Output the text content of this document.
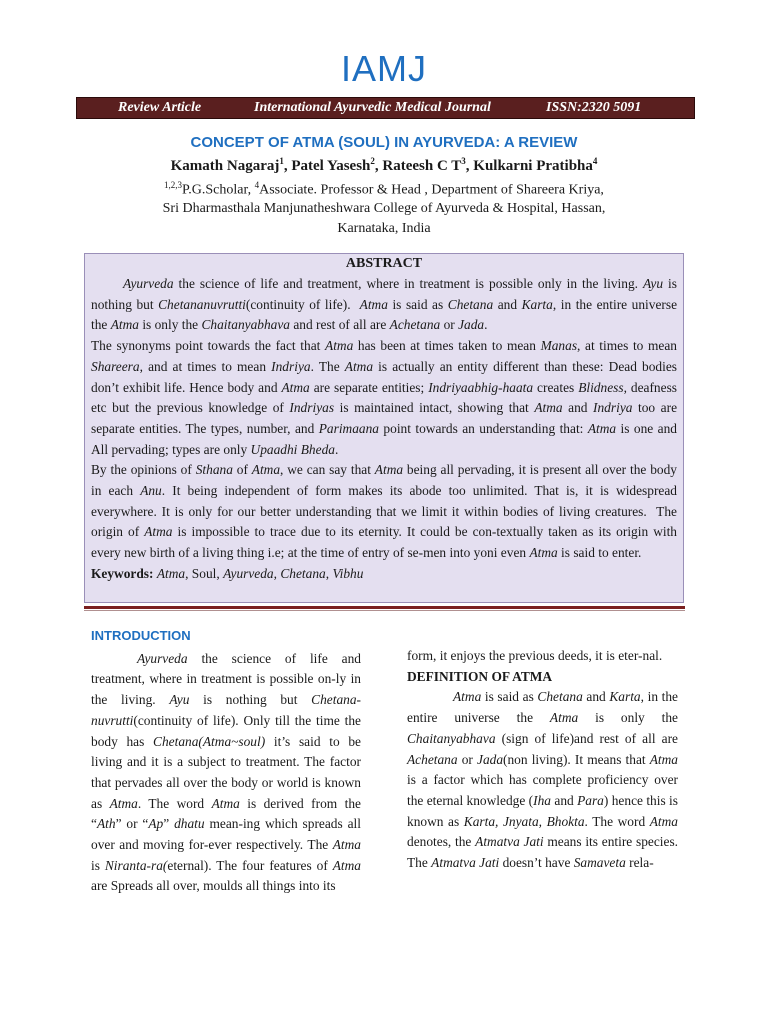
IAMJ
Review Article	International Ayurvedic Medical Journal	ISSN:2320 5091
CONCEPT OF ATMA (SOUL) IN AYURVEDA: A REVIEW
Kamath Nagaraj$^1$, Patel Yasesh$^2$, Rateesh C $T^3$, Kulkarni Pratibha$^4$
$^{1,2,3}$P.G.Scholar, $^4$Associate. Professor & Head , Department of Shareera Kriya,
Sri Dharmasthala Manjunatheshwara College of Ayurveda & Hospital, Hassan,
Karnataka, India
ABSTRACT

Ayurveda the science of life and treatment, where in treatment is possible only in the living. Ayu is nothing but Chetananuvrutti(continuity of life).  Atma is said as Chetana and Karta, in the entire universe the Atma is only the Chaitanyabhava and rest of all are Achetana or Jada.

The synonyms point towards the fact that Atma has been at times taken to mean Manas, at times to mean Shareera, and at times to mean Indriya. The Atma is actually an entity different than these: Dead bodies don’t exhibit life. Hence body and Atma are separate entities; Indriyaabhig-haata creates Blidness, deafness etc but the previous knowledge of Indriyas is maintained intact, showing that Atma and Indriya too are separate entities. The types, number, and Parimaana point towards an understanding that: Atma is one and All pervading; types are only Upaadhi Bheda.

By the opinions of Sthana of Atma, we can say that Atma being all pervading, it is present all over the body in each Anu. It being independent of form makes its abode too unlimited. That is, it is widespread everywhere. It is only for our better understanding that we limit it within bodies of living creatures.  The origin of Atma is impossible to trace due to its eternity. It could be con-textually taken as its origin with every new birth of a living thing i.e; at the time of entry of se-men into yoni even Atma is said to enter.

Keywords: Atma, Soul, Ayurveda, Chetana, Vibhu

INTRODUCTION

Ayurveda the science of life and treatment, where in treatment is possible on-ly in the living. Ayu is nothing but Chetana-nuvrutti(continuity of life). Only till the time the body has Chetana(Atma~soul) it’s said to be living and it is a subject to treatment. The factor that pervades all over the body or world is known as Atma. The word Atma is derived from the “Ath” or “Ap” dhatu mean-ing which spreads all over and moving for-ever respectively. The Atma is Niranta-ra(eternal). The four features of Atma are Spreads all over, moulds all things into its

form, it enjoys the previous deeds, it is eter-nal.

DEFINITION OF ATMA

Atma is said as Chetana and Karta, in the entire universe the Atma is only the Chaitanyabhava (sign of life)and rest of all are Achetana or Jada(non living). It means that Atma is a factor which has complete proficiency over the eternal knowledge (Iha and Para) hence this is known as Karta, Jnyata, Bhokta. The word Atma denotes, the Atmatva Jati means its entire species. The Atmatva Jati doesn’t have Samaveta rela-
